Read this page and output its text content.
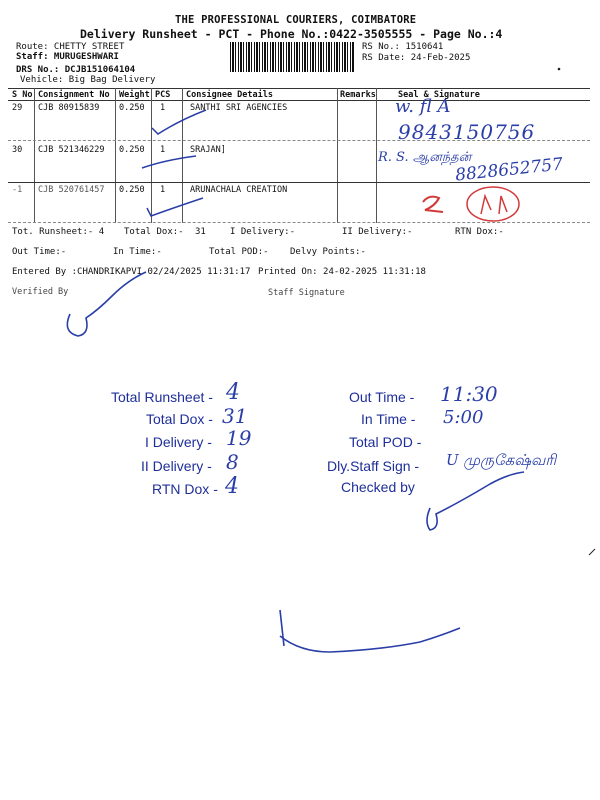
THE PROFESSIONAL COURIERS, COIMBATORE
Delivery Runsheet - PCT - Phone No.:0422-3505555 - Page No.:4
Route: CHETTY STREET
Staff: MURUGESHWARI
DRS No.: DCJB151064104
Vehicle: Big Bag Delivery
RS No.: 1510641
RS Date: 24-Feb-2025
S No Consignment No Weight PCS Consignee Details	Remarks	Seal & Signature
29 CJB 80915839 0.250 1	SANTHI SRI AGENCIES
30 CJB 521346229 0.250 1	SRAJAN]
-1 CJB 520761457 0.250 1	ARUNACHALA CREATION
w. fl A
9843150756
R. S. ஆனந்தன்
8828652757
Tot. Runsheet:- 4 Total Dox:- 31	I Delivery:-	II Delivery:-	RTN Dox:-
Out Time:-	In Time:-	Total POD:- Delvy Points:-
Entered By :CHANDRIKAPVI 02/24/2025 11:31:17 Printed On: 24-02-2025 11:31:18
Verified By	Staff Signature
Total Runsheet - 4
Total Dox - 31
I Delivery - 19
II Delivery - 8
RTN Dox - 4
Out Time - 11:30
In Time - 5:00
Total POD -
Dly.Staff Sign - U முருகேஷ்வரி
Checked by
